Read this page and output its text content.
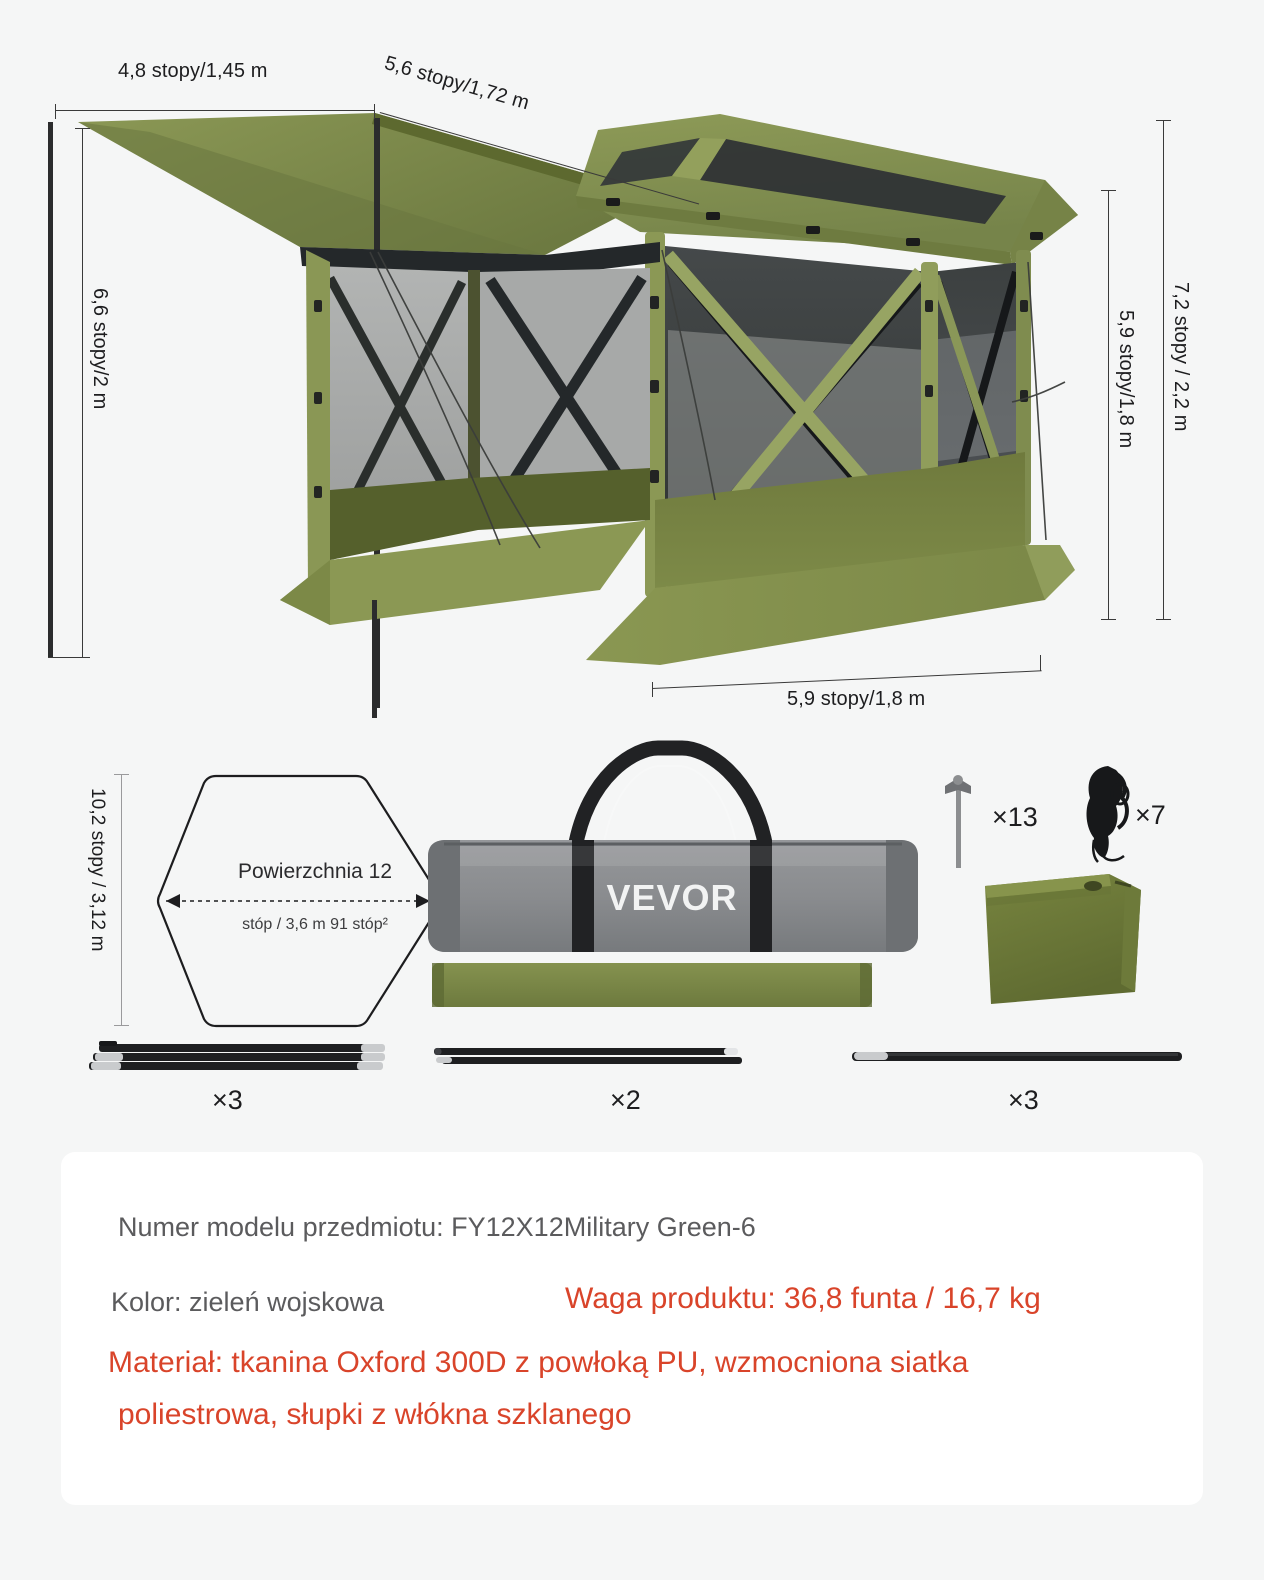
4,8 stopy/1,45 m	5,6 stopy/1,72 m
6,6 stopy/2 m	5,9 stopy/1,8 m 7,2 stopy / 2,2 m
5,9 stopy/1,8 m
Powierzchnia 12
stóp / 3,6 m 91 stóp²
10,2 stopy / 3,12 m	VEVOR
×13	×7
×3	×2	×3
Numer modelu przedmiotu: FY12X12Military Green-6
Kolor: zieleń wojskowa	Waga produktu: 36,8 funta / 16,7 kg
Materiał: tkanina Oxford 300D z powłoką PU, wzmocniona siatka
poliestrowa, słupki z włókna szklanego
